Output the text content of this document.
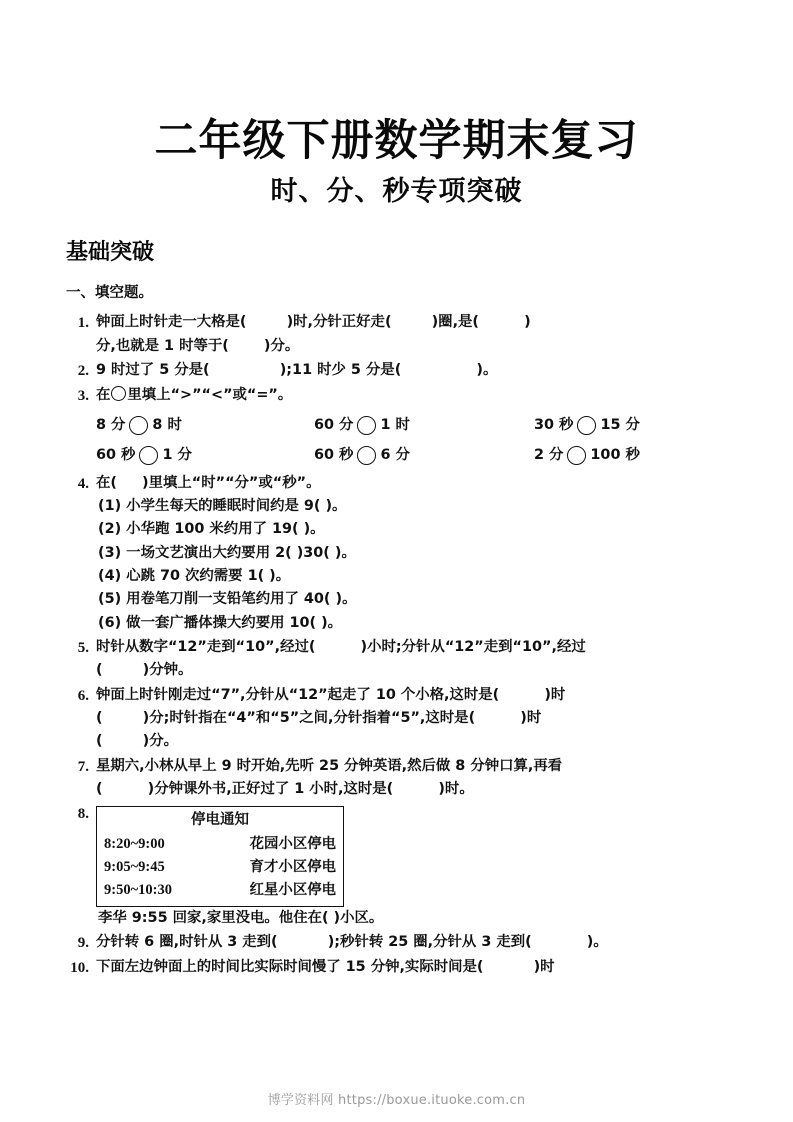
二年级下册数学期末复习
时、分、秒专项突破
基础突破
一、填空题。
1. 钟面上时针走一大格是(        )时,分针正好走(        )圈,是(         )
分,也就是 1 时等于(       )分。
2. 9 时过了 5 分是(              );11 时少 5 分是(               )。
3. 在 里填上“>”“<”或“=”。
8 分 8 时	60 分 1 时	30 秒 15 分
60 秒 1 分	60 秒 6 分	2 分 100 秒
4. 在(     )里填上“时”“分”或“秒”。
(1) 小学生每天的睡眠时间约是 9( )。
(2) 小华跑 100 米约用了 19( )。
(3) 一场文艺演出大约要用 2( )30( )。
(4) 心跳 70 次约需要 1( )。
(5) 用卷笔刀削一支铅笔约用了 40( )。
(6) 做一套广播体操大约要用 10( )。
5. 时针从数字“12”走到“10”,经过(         )小时;分针从“12”走到“10”,经过
(        )分钟。
6. 钟面上时针刚走过“7”,分针从“12”起走了 10 个小格,这时是(         )时
(        )分;时针指在“4”和“5”之间,分针指着“5”,这时是(         )时
(        )分。
7. 星期六,小林从早上 9 时开始,先听 25 分钟英语,然后做 8 分钟口算,再看
(         )分钟课外书,正好过了 1 小时,这时是(         )时。
8.	停电通知
8:20~9:00	花园小区停电
9:05~9:45	育才小区停电
9:50~10:30	红星小区停电
李华 9:55 回家,家里没电。他住在( )小区。
9. 分针转 6 圈,时针从 3 走到(          );秒针转 25 圈,分针从 3 走到(           )。
10. 下面左边钟面上的时间比实际时间慢了 15 分钟,实际时间是(          )时
博学资料网 https://boxue.ituoke.com.cn
